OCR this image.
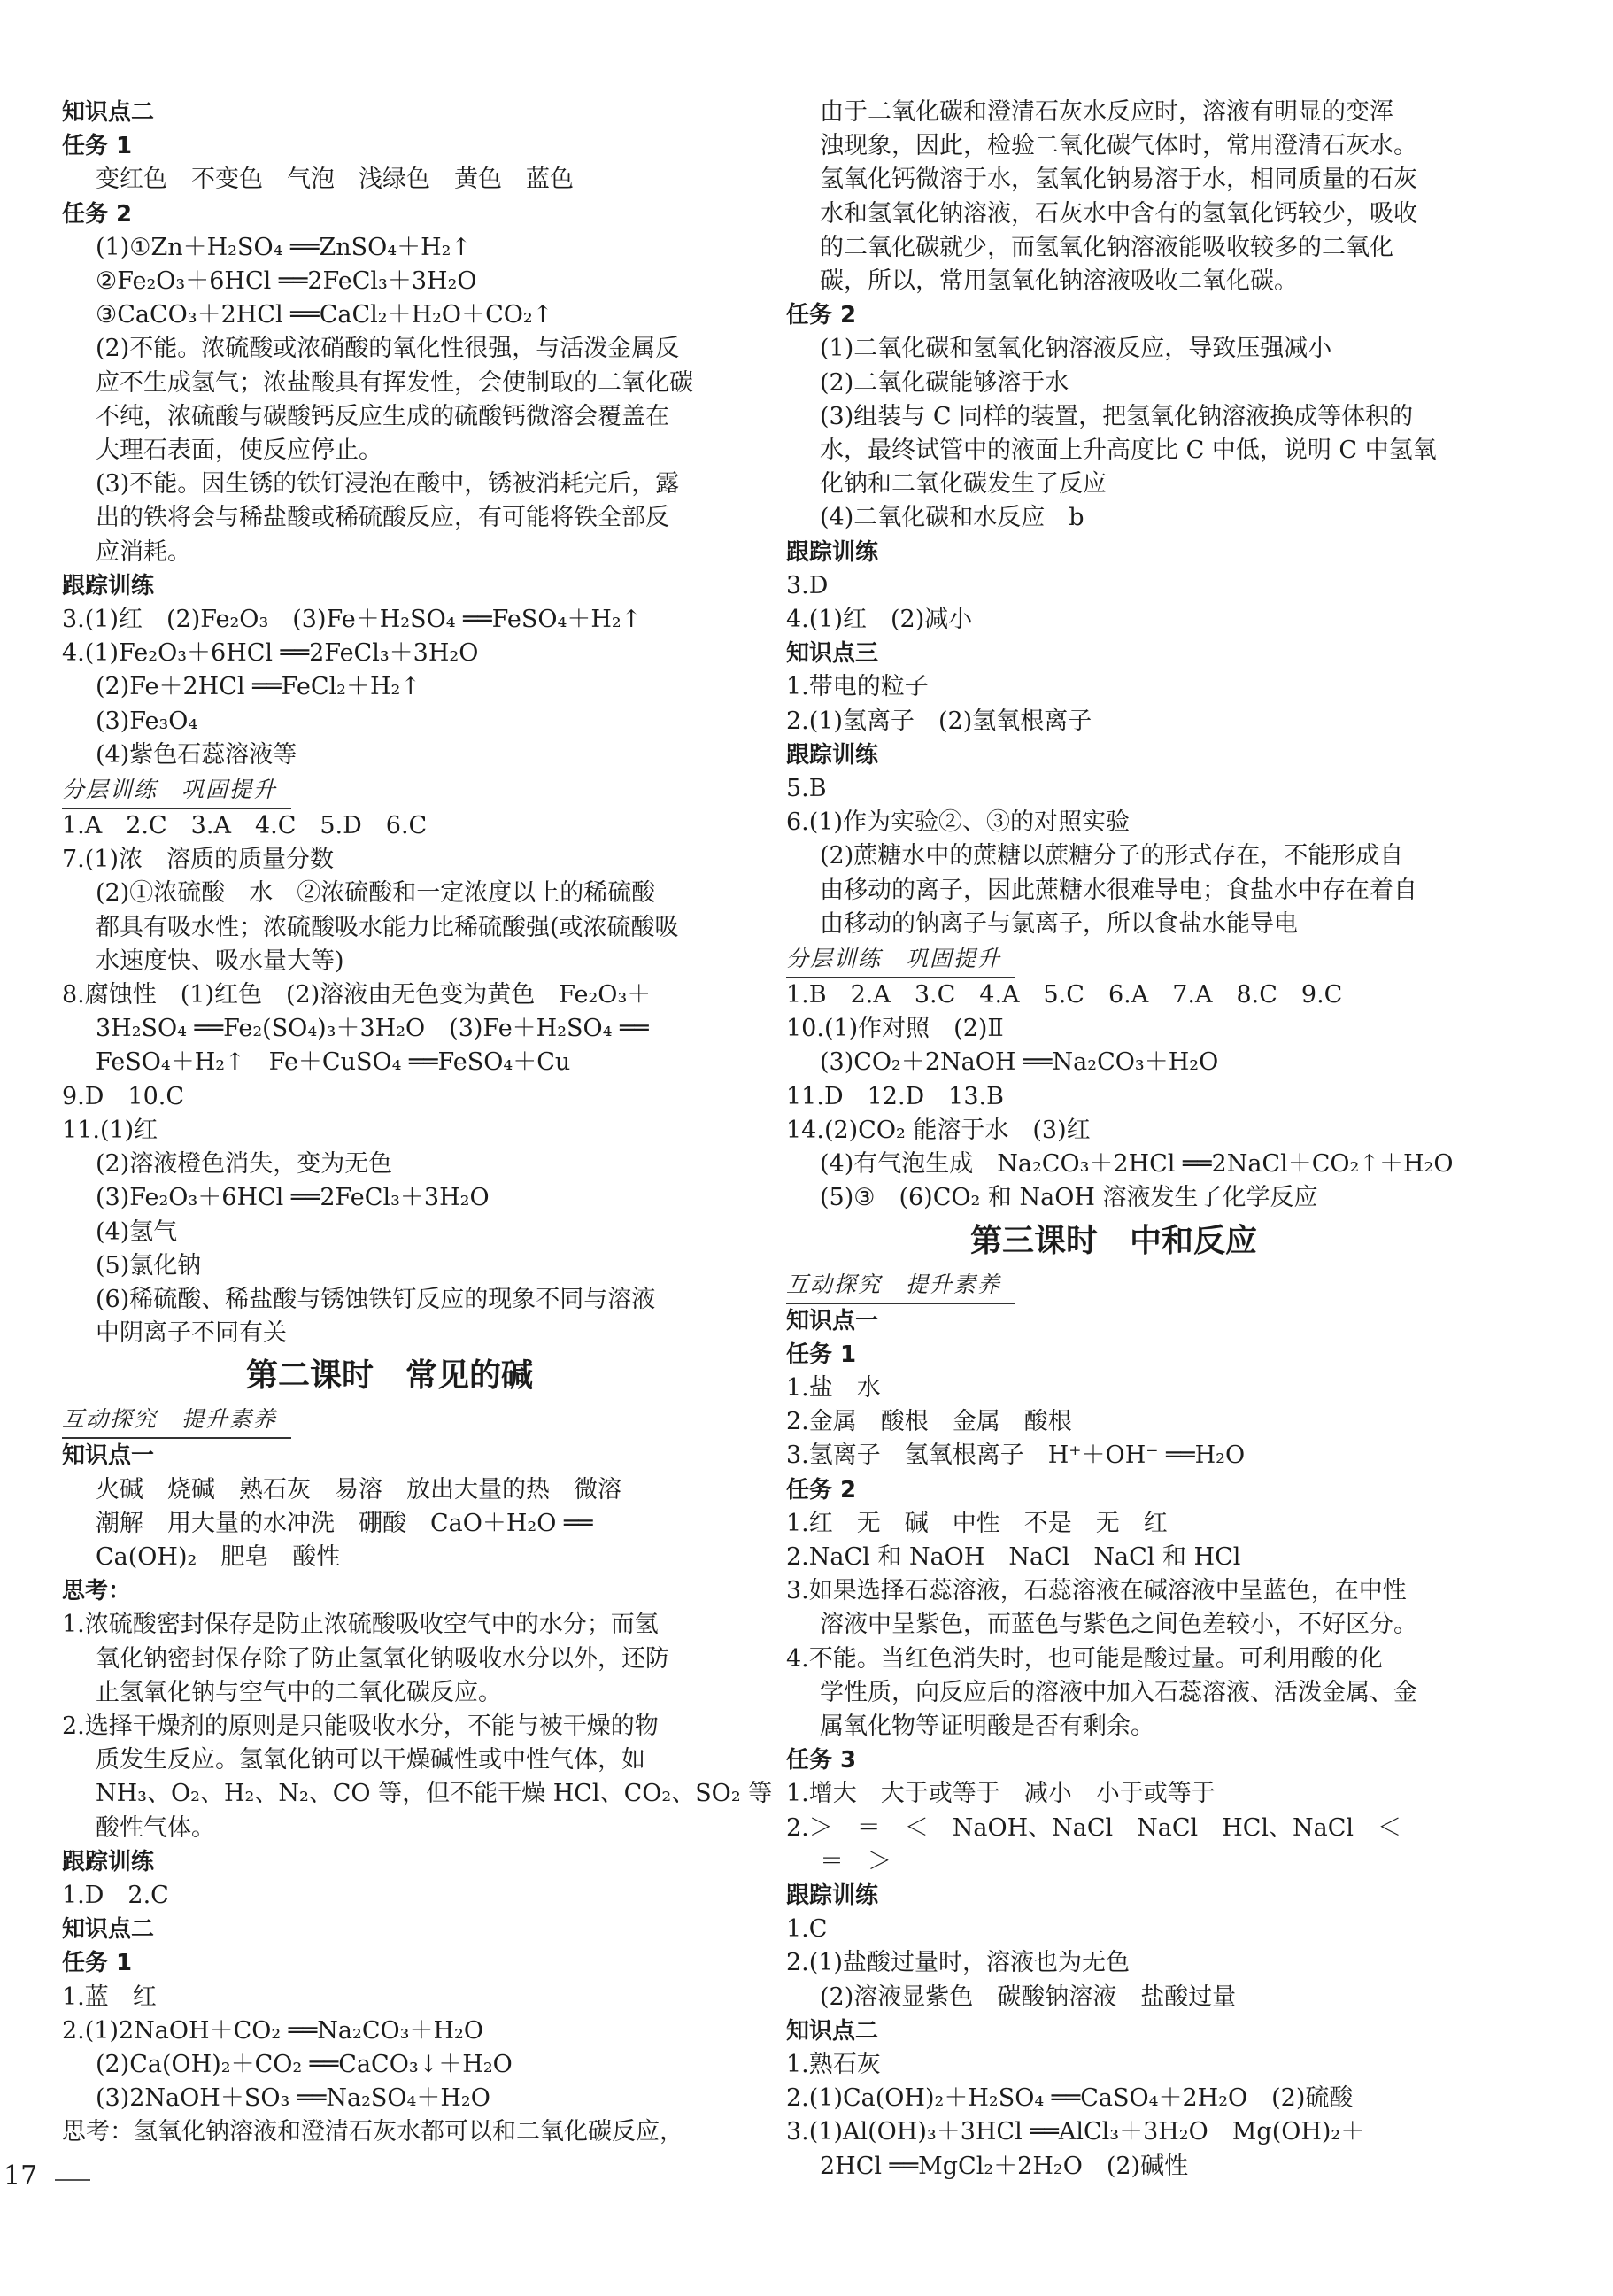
知识点二
任务 1
变红色　不变色　气泡　浅绿色　黄色　蓝色
任务 2
(1)①Zn＋H₂SO₄ ══ZnSO₄＋H₂↑
②Fe₂O₃＋6HCl ══2FeCl₃＋3H₂O
③CaCO₃＋2HCl ══CaCl₂＋H₂O＋CO₂↑
(2)不能。浓硫酸或浓硝酸的氧化性很强，与活泼金属反
应不生成氢气；浓盐酸具有挥发性，会使制取的二氧化碳
不纯，浓硫酸与碳酸钙反应生成的硫酸钙微溶会覆盖在
大理石表面，使反应停止。
(3)不能。因生锈的铁钉浸泡在酸中，锈被消耗完后，露
出的铁将会与稀盐酸或稀硫酸反应，有可能将铁全部反
应消耗。
跟踪训练
3.(1)红　(2)Fe₂O₃　(3)Fe＋H₂SO₄ ══FeSO₄＋H₂↑
4.(1)Fe₂O₃＋6HCl ══2FeCl₃＋3H₂O
(2)Fe＋2HCl ══FeCl₂＋H₂↑
(3)Fe₃O₄
(4)紫色石蕊溶液等
分层训练　巩固提升
1.A　2.C　3.A　4.C　5.D　6.C
7.(1)浓　溶质的质量分数
(2)①浓硫酸　水　②浓硫酸和一定浓度以上的稀硫酸
都具有吸水性；浓硫酸吸水能力比稀硫酸强(或浓硫酸吸
水速度快、吸水量大等)
8.腐蚀性　(1)红色　(2)溶液由无色变为黄色　Fe₂O₃＋
3H₂SO₄ ══Fe₂(SO₄)₃＋3H₂O　(3)Fe＋H₂SO₄ ══
FeSO₄＋H₂↑　Fe＋CuSO₄ ══FeSO₄＋Cu
9.D　10.C
11.(1)红
(2)溶液橙色消失，变为无色
(3)Fe₂O₃＋6HCl ══2FeCl₃＋3H₂O
(4)氢气
(5)氯化钠
(6)稀硫酸、稀盐酸与锈蚀铁钉反应的现象不同与溶液
中阴离子不同有关
第二课时　常见的碱
互动探究　提升素养
知识点一
火碱　烧碱　熟石灰　易溶　放出大量的热　微溶
潮解　用大量的水冲洗　硼酸　CaO＋H₂O ══
Ca(OH)₂　肥皂　酸性
思考：
1.浓硫酸密封保存是防止浓硫酸吸收空气中的水分；而氢
氧化钠密封保存除了防止氢氧化钠吸收水分以外，还防
止氢氧化钠与空气中的二氧化碳反应。
2.选择干燥剂的原则是只能吸收水分，不能与被干燥的物
质发生反应。氢氧化钠可以干燥碱性或中性气体，如
NH₃、O₂、H₂、N₂、CO 等，但不能干燥 HCl、CO₂、SO₂ 等
酸性气体。
跟踪训练
1.D　2.C
知识点二
任务 1
1.蓝　红
2.(1)2NaOH＋CO₂ ══Na₂CO₃＋H₂O
(2)Ca(OH)₂＋CO₂ ══CaCO₃↓＋H₂O
(3)2NaOH＋SO₃ ══Na₂SO₄＋H₂O
思考：氢氧化钠溶液和澄清石灰水都可以和二氧化碳反应，
由于二氧化碳和澄清石灰水反应时，溶液有明显的变浑
浊现象，因此，检验二氧化碳气体时，常用澄清石灰水。
氢氧化钙微溶于水，氢氧化钠易溶于水，相同质量的石灰
水和氢氧化钠溶液，石灰水中含有的氢氧化钙较少，吸收
的二氧化碳就少，而氢氧化钠溶液能吸收较多的二氧化
碳，所以，常用氢氧化钠溶液吸收二氧化碳。
任务 2
(1)二氧化碳和氢氧化钠溶液反应，导致压强减小
(2)二氧化碳能够溶于水
(3)组装与 C 同样的装置，把氢氧化钠溶液换成等体积的
水，最终试管中的液面上升高度比 C 中低，说明 C 中氢氧
化钠和二氧化碳发生了反应
(4)二氧化碳和水反应　b
跟踪训练
3.D
4.(1)红　(2)减小
知识点三
1.带电的粒子
2.(1)氢离子　(2)氢氧根离子
跟踪训练
5.B
6.(1)作为实验②、③的对照实验
(2)蔗糖水中的蔗糖以蔗糖分子的形式存在，不能形成自
由移动的离子，因此蔗糖水很难导电；食盐水中存在着自
由移动的钠离子与氯离子，所以食盐水能导电
分层训练　巩固提升
1.B　2.A　3.C　4.A　5.C　6.A　7.A　8.C　9.C
10.(1)作对照　(2)Ⅱ
(3)CO₂＋2NaOH ══Na₂CO₃＋H₂O
11.D　12.D　13.B
14.(2)CO₂ 能溶于水　(3)红
(4)有气泡生成　Na₂CO₃＋2HCl ══2NaCl＋CO₂↑＋H₂O
(5)③　(6)CO₂ 和 NaOH 溶液发生了化学反应
第三课时　中和反应
互动探究　提升素养
知识点一
任务 1
1.盐　水
2.金属　酸根　金属　酸根
3.氢离子　氢氧根离子　H⁺＋OH⁻ ══H₂O
任务 2
1.红　无　碱　中性　不是　无　红
2.NaCl 和 NaOH　NaCl　NaCl 和 HCl
3.如果选择石蕊溶液，石蕊溶液在碱溶液中呈蓝色，在中性
溶液中呈紫色，而蓝色与紫色之间色差较小，不好区分。
4.不能。当红色消失时，也可能是酸过量。可利用酸的化
学性质，向反应后的溶液中加入石蕊溶液、活泼金属、金
属氧化物等证明酸是否有剩余。
任务 3
1.增大　大于或等于　减小　小于或等于
2.＞　＝　＜　NaOH、NaCl　NaCl　HCl、NaCl　＜
＝　＞
跟踪训练
1.C
2.(1)盐酸过量时，溶液也为无色
(2)溶液显紫色　碳酸钠溶液　盐酸过量
知识点二
1.熟石灰
2.(1)Ca(OH)₂＋H₂SO₄ ══CaSO₄＋2H₂O　(2)硫酸
3.(1)Al(OH)₃＋3HCl ══AlCl₃＋3H₂O　Mg(OH)₂＋
2HCl ══MgCl₂＋2H₂O　(2)碱性
17
